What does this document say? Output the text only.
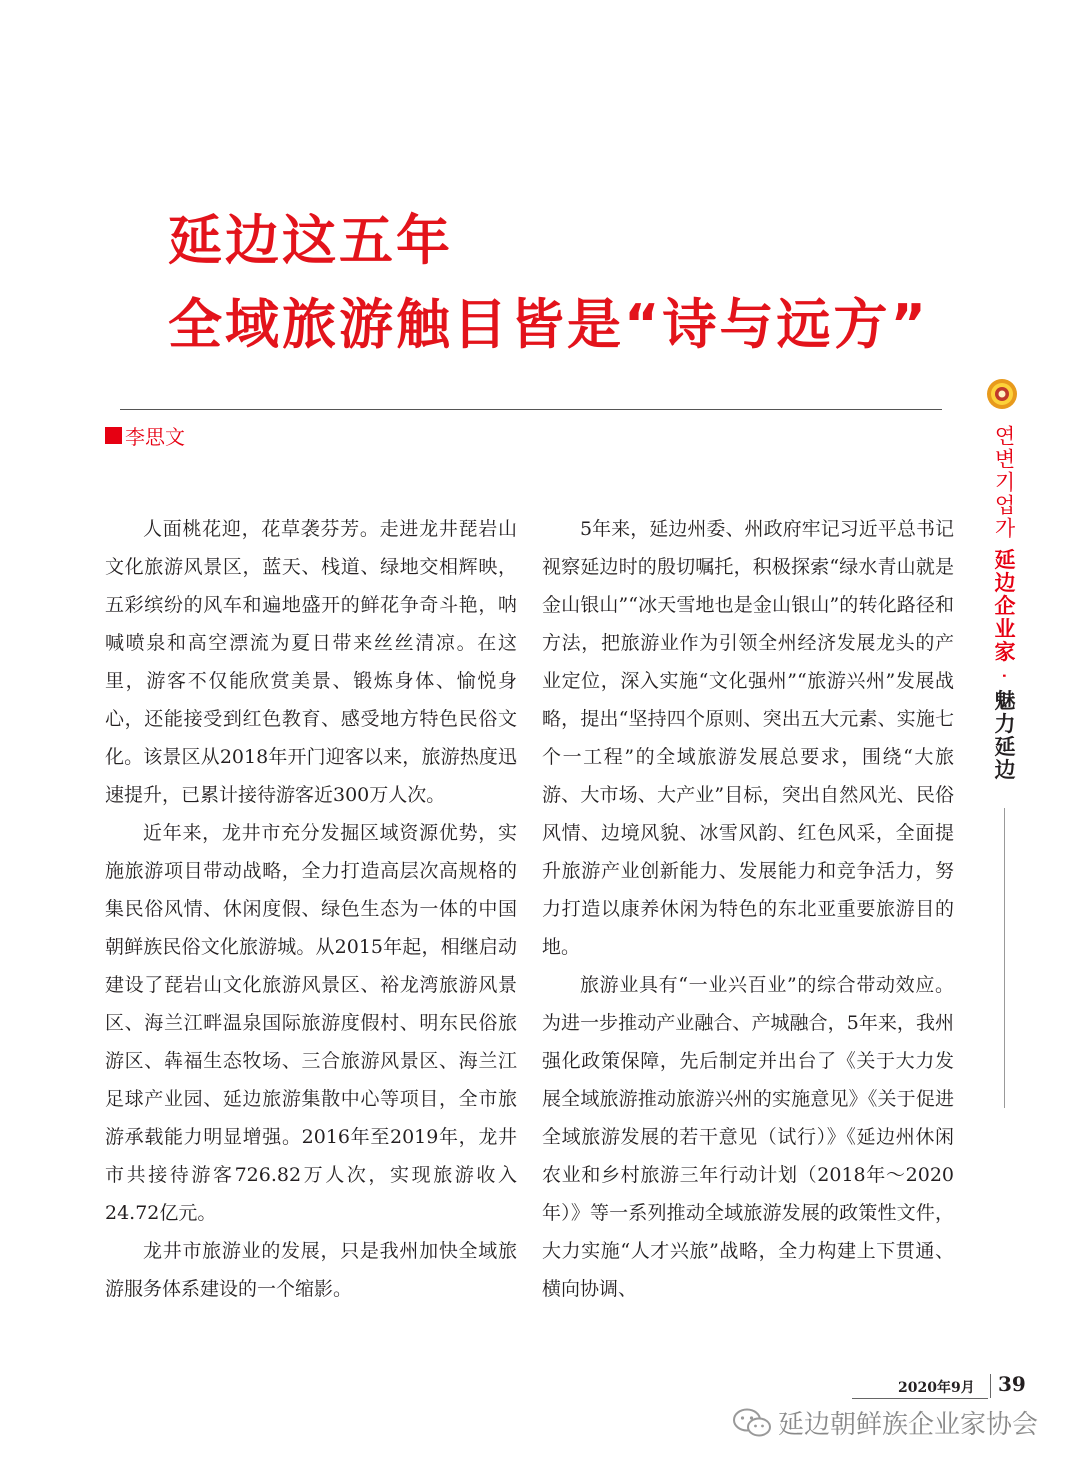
延边这五年
全域旅游触目皆是“诗与远方”
李思文

人面桃花迎，花草袭芬芳。走进龙井琵岩山文化旅游风景区，蓝天、栈道、绿地交相辉映，五彩缤纷的风车和遍地盛开的鲜花争奇斗艳，呐喊喷泉和高空漂流为夏日带来丝丝清凉。在这里，游客不仅能欣赏美景、锻炼身体、愉悦身心，还能接受到红色教育、感受地方特色民俗文化。该景区从2018年开门迎客以来，旅游热度迅速提升，已累计接待游客近300万人次。

近年来，龙井市充分发掘区域资源优势，实施旅游项目带动战略，全力打造高层次高规格的集民俗风情、休闲度假、绿色生态为一体的中国朝鲜族民俗文化旅游城。从2015年起，相继启动建设了琵岩山文化旅游风景区、裕龙湾旅游风景区、海兰江畔温泉国际旅游度假村、明东民俗旅游区、犇福生态牧场、三合旅游风景区、海兰江足球产业园、延边旅游集散中心等项目，全市旅游承载能力明显增强。2016年至2019年，龙井市共接待游客726.82万人次，实现旅游收入24.72亿元。

龙井市旅游业的发展，只是我州加快全域旅游服务体系建设的一个缩影。

5年来，延边州委、州政府牢记习近平总书记视察延边时的殷切嘱托，积极探索“绿水青山就是金山银山”“冰天雪地也是金山银山”的转化路径和方法，把旅游业作为引领全州经济发展龙头的产业定位，深入实施“文化强州”“旅游兴州”发展战略，提出“坚持四个原则、突出五大元素、实施七个一工程”的全域旅游发展总要求，围绕“大旅游、大市场、大产业”目标，突出自然风光、民俗风情、边境风貌、冰雪风韵、红色风采，全面提升旅游产业创新能力、发展能力和竞争活力，努力打造以康养休闲为特色的东北亚重要旅游目的地。

旅游业具有“一业兴百业”的综合带动效应。为进一步推动产业融合、产城融合，5年来，我州强化政策保障，先后制定并出台了《关于大力发展全域旅游推动旅游兴州的实施意见》《关于促进全域旅游发展的若干意见（试行）》《延边州休闲农业和乡村旅游三年行动计划（2018年～2020年）》等一系列推动全域旅游发展的政策性文件，大力实施“人才兴旅”战略，全力构建上下贯通、横向协调、

연변기업가 延边企业家 · 魅力延边
2020年9月 39
延边朝鲜族企业家协会
